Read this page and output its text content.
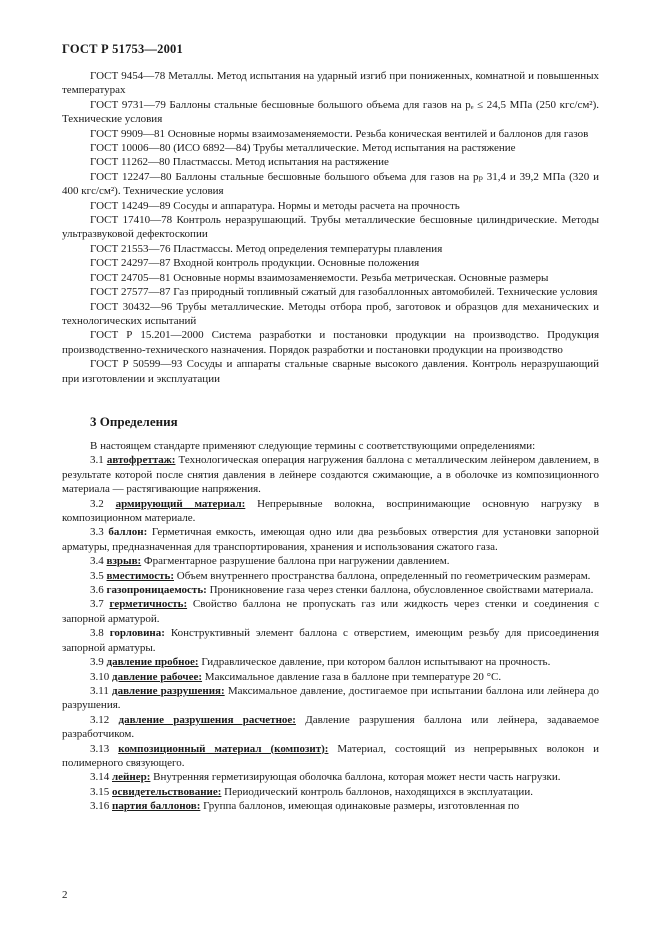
ГОСТ Р 51753—2001

ГОСТ 9454—78 Металлы. Метод испытания на ударный изгиб при пониженных, комнатной и повышенных температурах

ГОСТ 9731—79 Баллоны стальные бесшовные большого объема для газов на pₑ ≤ 24,5 МПа (250 кгс/см²). Технические условия

ГОСТ 9909—81 Основные нормы взаимозаменяемости. Резьба коническая вентилей и баллонов для газов

ГОСТ 10006—80 (ИСО 6892—84) Трубы металлические. Метод испытания на растяжение

ГОСТ 11262—80 Пластмассы. Метод испытания на растяжение

ГОСТ 12247—80 Баллоны стальные бесшовные большого объема для газов на pₚ 31,4 и 39,2 МПа (320 и 400 кгс/см²). Технические условия

ГОСТ 14249—89 Сосуды и аппаратура. Нормы и методы расчета на прочность

ГОСТ 17410—78 Контроль неразрушающий. Трубы металлические бесшовные цилиндрические. Методы ультразвуковой дефектоскопии

ГОСТ 21553—76 Пластмассы. Метод определения температуры плавления

ГОСТ 24297—87 Входной контроль продукции. Основные положения

ГОСТ 24705—81 Основные нормы взаимозаменяемости. Резьба метрическая. Основные размеры

ГОСТ 27577—87 Газ природный топливный сжатый для газобаллонных автомобилей. Технические условия

ГОСТ 30432—96 Трубы металлические. Методы отбора проб, заготовок и образцов для механических и технологических испытаний

ГОСТ Р 15.201—2000 Система разработки и постановки продукции на производство. Продукция производственно-технического назначения. Порядок разработки и постановки продукции на производство

ГОСТ Р 50599—93 Сосуды и аппараты стальные сварные высокого давления. Контроль неразрушающий при изготовлении и эксплуатации

3 Определения

В настоящем стандарте применяют следующие термины с соответствующими определениями:

3.1 автофреттаж: Технологическая операция нагружения баллона с металлическим лейнером давлением, в результате которой после снятия давления в лейнере создаются сжимающие, а в оболочке из композиционного материала — растягивающие напряжения.

3.2 армирующий материал: Непрерывные волокна, воспринимающие основную нагрузку в композиционном материале.

3.3 баллон: Герметичная емкость, имеющая одно или два резьбовых отверстия для установки запорной арматуры, предназначенная для транспортирования, хранения и использования сжатого газа.

3.4 взрыв: Фрагментарное разрушение баллона при нагружении давлением.

3.5 вместимость: Объем внутреннего пространства баллона, определенный по геометрическим размерам.

3.6 газопроницаемость: Проникновение газа через стенки баллона, обусловленное свойствами материала.

3.7 герметичность: Свойство баллона не пропускать газ или жидкость через стенки и соединения с запорной арматурой.

3.8 горловина: Конструктивный элемент баллона с отверстием, имеющим резьбу для присоединения запорной арматуры.

3.9 давление пробное: Гидравлическое давление, при котором баллон испытывают на прочность.

3.10 давление рабочее: Максимальное давление газа в баллоне при температуре 20 °С.

3.11 давление разрушения: Максимальное давление, достигаемое при испытании баллона или лейнера до разрушения.

3.12 давление разрушения расчетное: Давление разрушения баллона или лейнера, задаваемое разработчиком.

3.13 композиционный материал (композит): Материал, состоящий из непрерывных волокон и полимерного связующего.

3.14 лейнер: Внутренняя герметизирующая оболочка баллона, которая может нести часть нагрузки.

3.15 освидетельствование: Периодический контроль баллонов, находящихся в эксплуатации.

3.16 партия баллонов: Группа баллонов, имеющая одинаковые размеры, изготовленная по

2
